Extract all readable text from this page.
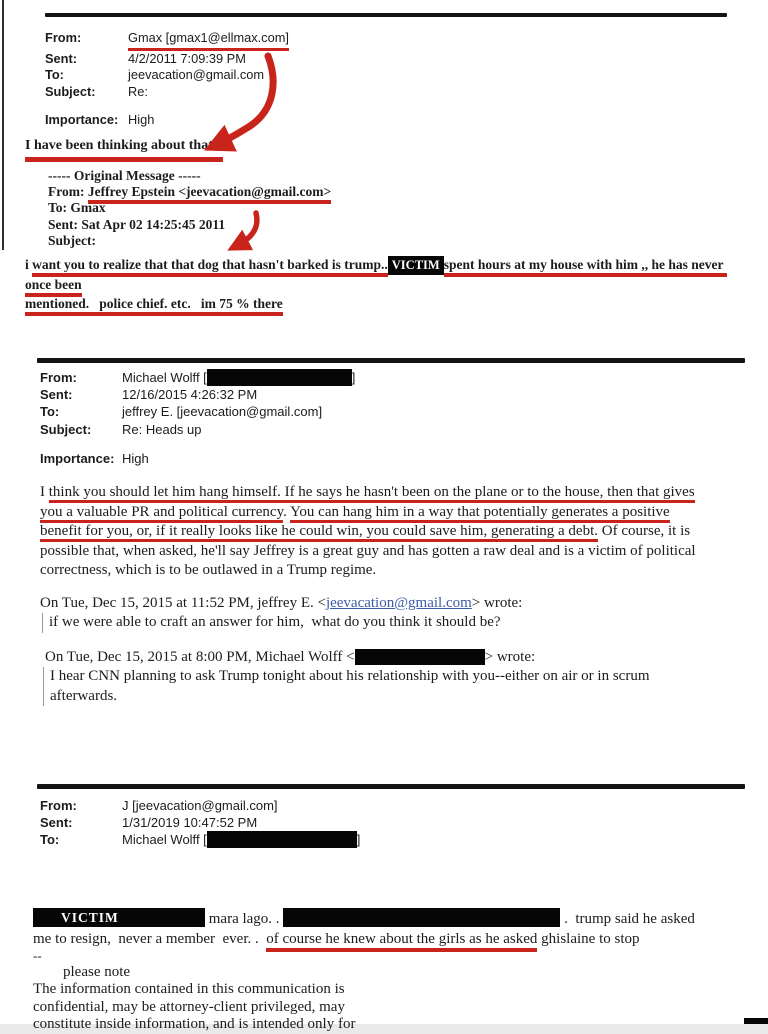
From:	Gmax [gmax1@ellmax.com]
Sent:	4/2/2011 7:09:39 PM
To:	jeevacation@gmail.com
Subject:	Re:
Importance: High
I have been thinking about that...
----- Original Message -----
From: Jeffrey Epstein <jeevacation@gmail.com>
To: Gmax
Sent: Sat Apr 02 14:25:45 2011
Subject:
i want you to realize that that dog that hasn't barked is trump.. VICTIM spent hours at my house with him ,, he has never once been
mentioned.   police chief. etc.   im 75 % there
From:	Michael Wolff [	]
Sent:	12/16/2015 4:26:32 PM
To:	jeffrey E. [jeevacation@gmail.com]
Subject:	Re: Heads up
Importance: High
I think you should let him hang himself. If he says he hasn't been on the plane or to the house, then that gives
you a valuable PR and political currency. You can hang him in a way that potentially generates a positive
benefit for you, or, if it really looks like he could win, you could save him, generating a debt. Of course, it is
possible that, when asked, he'll say Jeffrey is a great guy and has gotten a raw deal and is a victim of political
correctness, which is to be outlawed in a Trump regime.
On Tue, Dec 15, 2015 at 11:52 PM, jeffrey E. <jeevacation@gmail.com> wrote:
if we were able to craft an answer for him,  what do you think it should be?
On Tue, Dec 15, 2015 at 8:00 PM, Michael Wolff <	> wrote:
I hear CNN planning to ask Trump tonight about his relationship with you--either on air or in scrum
afterwards.
From:	J [jeevacation@gmail.com]
Sent:	1/31/2019 10:47:52 PM
To:	Michael Wolff [	]
VICTIM	mara lago. .	.  trump said he asked
me to resign,  never a member  ever. .  of course he knew about the girls as he asked ghislaine to stop
--
please note
The information contained in this communication is
confidential, may be attorney-client privileged, may
constitute inside information, and is intended only for
